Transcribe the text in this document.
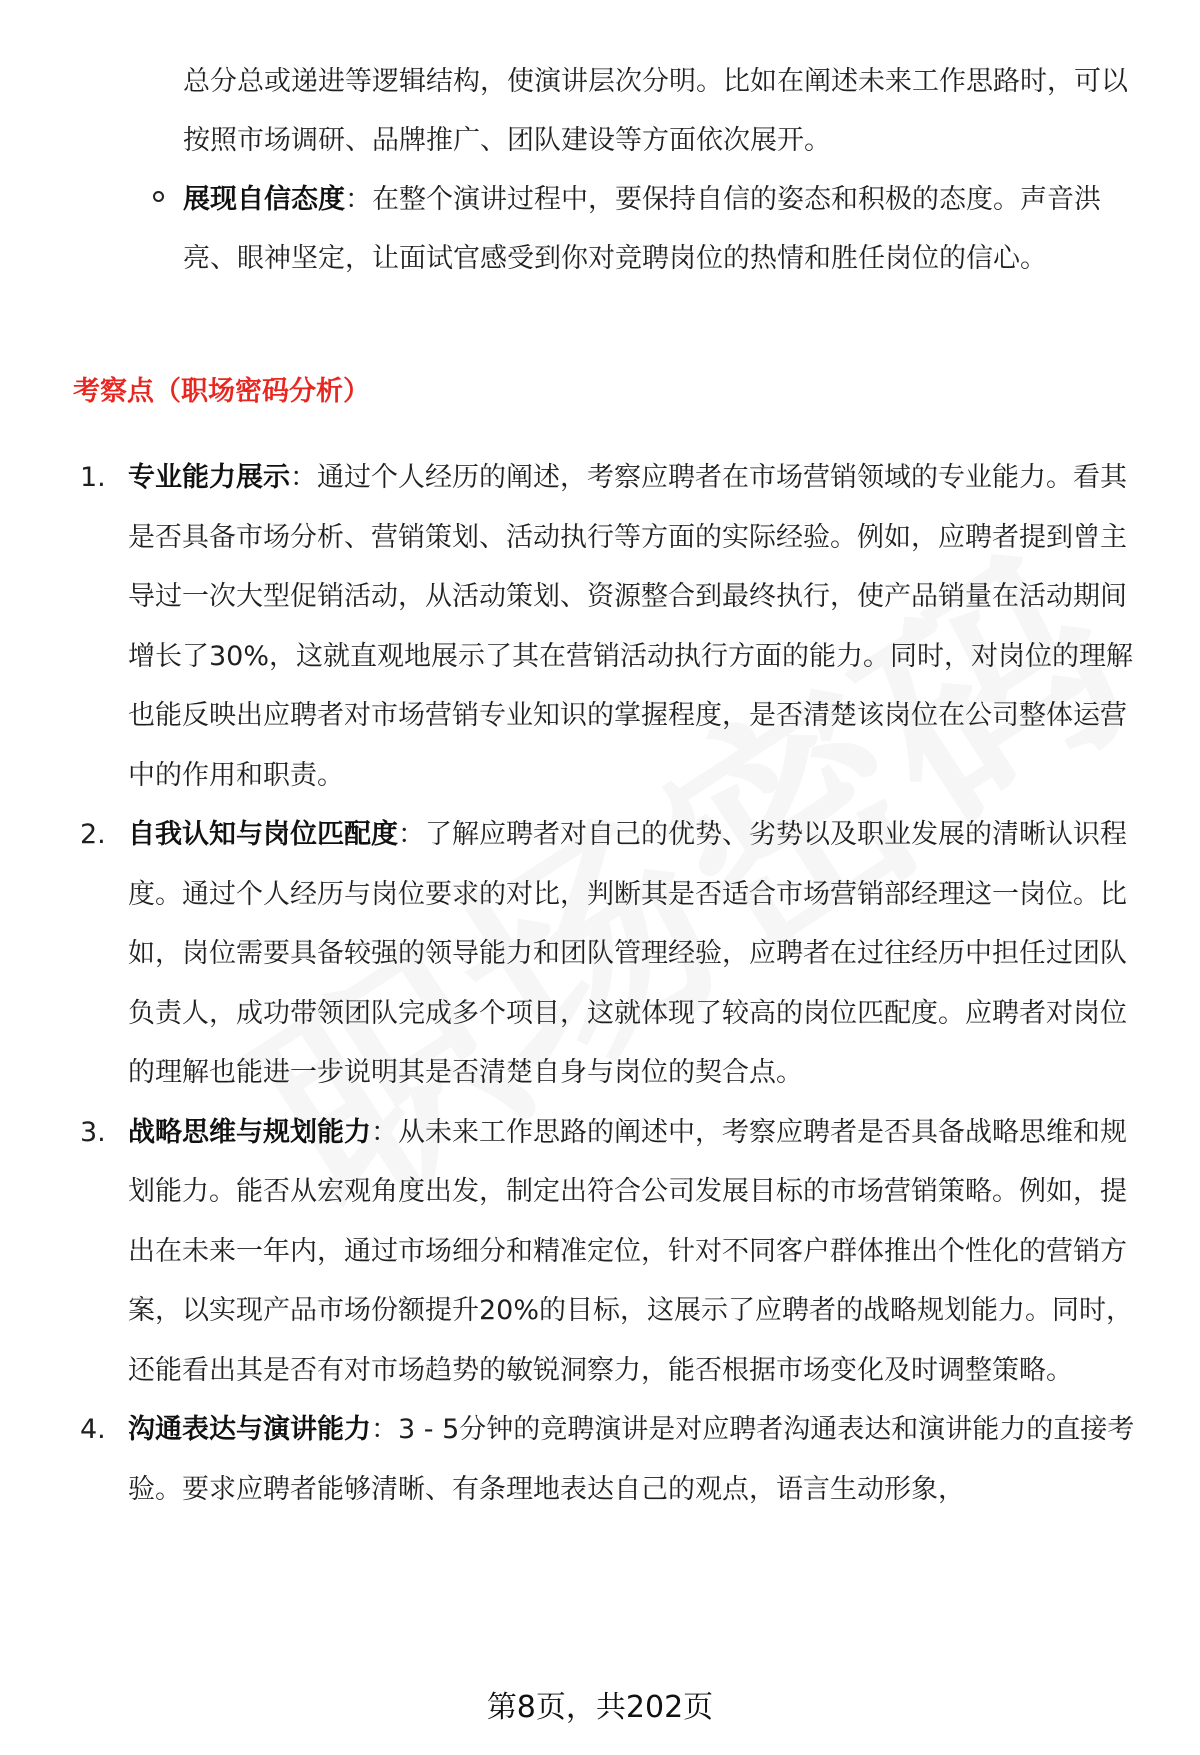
总分总或递进等逻辑结构，使演讲层次分明。比如在阐述未来工作思路时，可以按照市场调研、品牌推广、团队建设等方面依次展开。
展现自信态度：在整个演讲过程中，要保持自信的姿态和积极的态度。声音洪亮、眼神坚定，让面试官感受到你对竞聘岗位的热情和胜任岗位的信心。
考察点（职场密码分析）
1. 专业能力展示：通过个人经历的阐述，考察应聘者在市场营销领域的专业能力。看其是否具备市场分析、营销策划、活动执行等方面的实际经验。例如，应聘者提到曾主导过一次大型促销活动，从活动策划、资源整合到最终执行，使产品销量在活动期间增长了30%，这就直观地展示了其在营销活动执行方面的能力。同时，对岗位的理解也能反映出应聘者对市场营销专业知识的掌握程度，是否清楚该岗位在公司整体运营中的作用和职责。
2. 自我认知与岗位匹配度：了解应聘者对自己的优势、劣势以及职业发展的清晰认识程度。通过个人经历与岗位要求的对比，判断其是否适合市场营销部经理这一岗位。比如，岗位需要具备较强的领导能力和团队管理经验，应聘者在过往经历中担任过团队负责人，成功带领团队完成多个项目，这就体现了较高的岗位匹配度。应聘者对岗位的理解也能进一步说明其是否清楚自身与岗位的契合点。
3. 战略思维与规划能力：从未来工作思路的阐述中，考察应聘者是否具备战略思维和规划能力。能否从宏观角度出发，制定出符合公司发展目标的市场营销策略。例如，提出在未来一年内，通过市场细分和精准定位，针对不同客户群体推出个性化的营销方案，以实现产品市场份额提升20%的目标，这展示了应聘者的战略规划能力。同时，还能看出其是否有对市场趋势的敏锐洞察力，能否根据市场变化及时调整策略。
4. 沟通表达与演讲能力：3 - 5分钟的竞聘演讲是对应聘者沟通表达和演讲能力的直接考验。要求应聘者能够清晰、有条理地表达自己的观点，语言生动形象，
第8页，共202页
